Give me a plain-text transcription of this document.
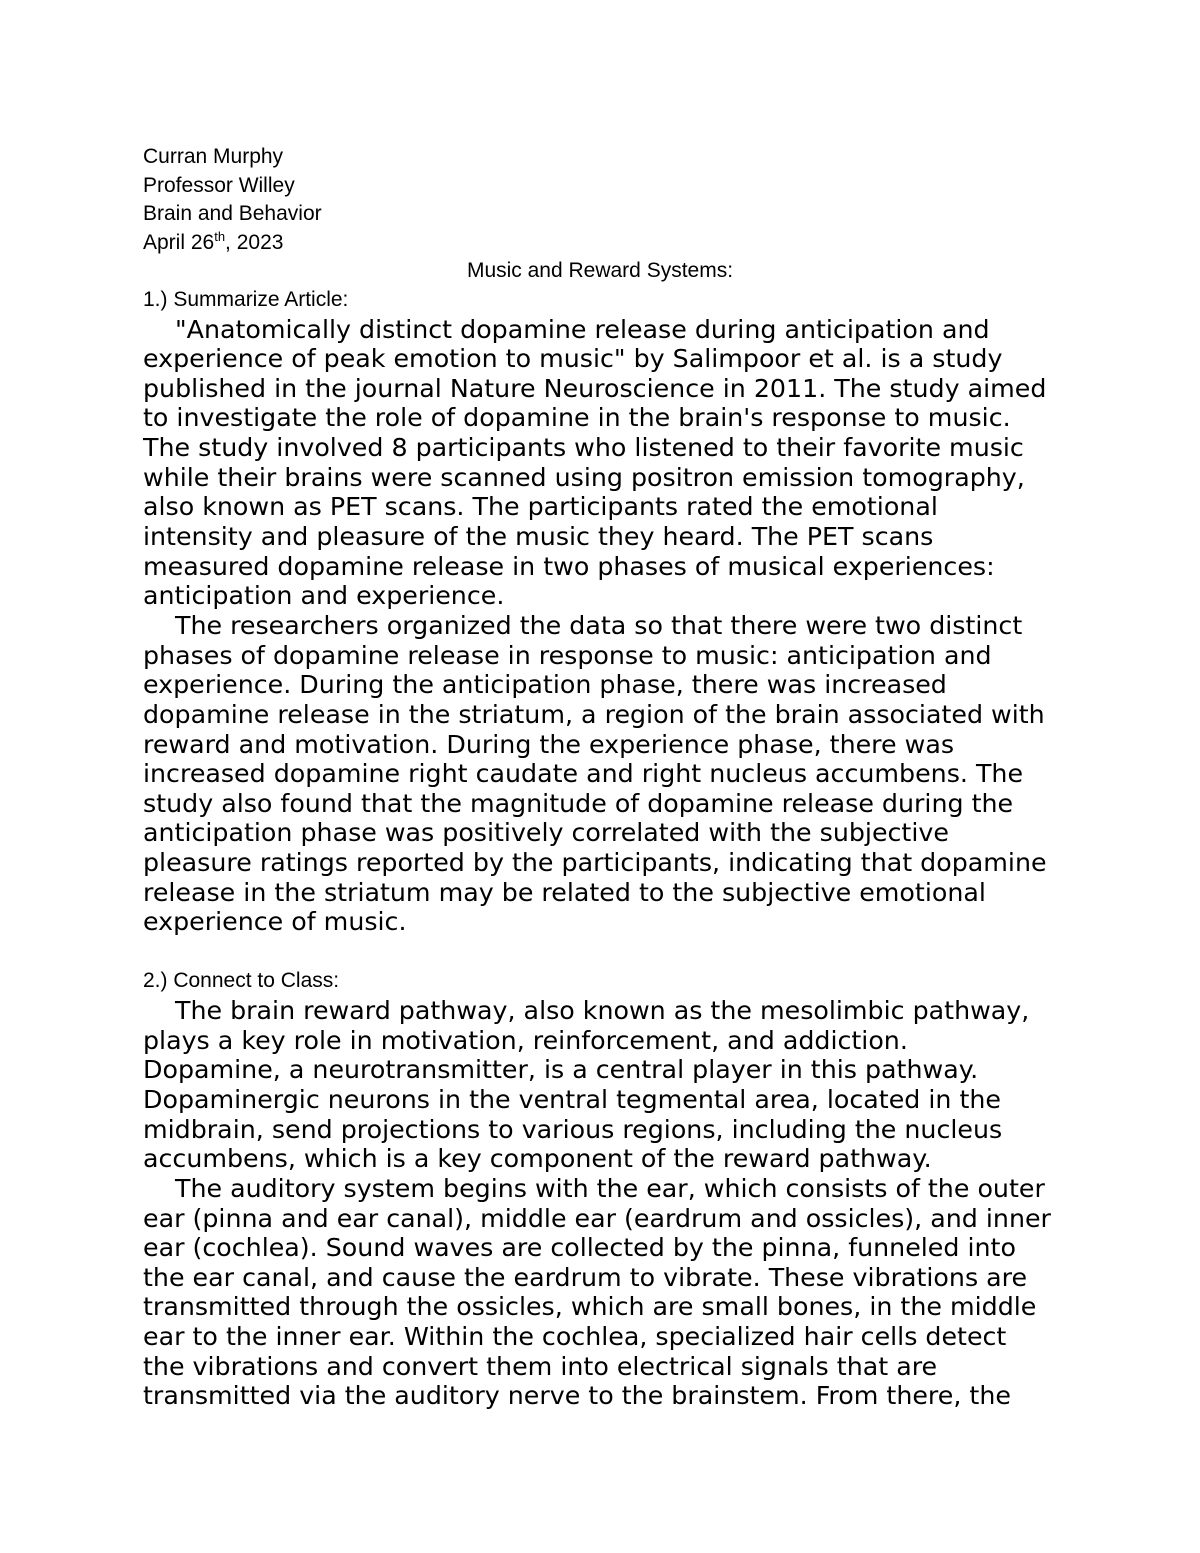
Curran Murphy
Professor Willey
Brain and Behavior
April 26th, 2023
Music and Reward Systems:
1.) Summarize Article:
"Anatomically distinct dopamine release during anticipation and
experience of peak emotion to music" by Salimpoor et al. is a study
published in the journal Nature Neuroscience in 2011. The study aimed
to investigate the role of dopamine in the brain's response to music.
The study involved 8 participants who listened to their favorite music
while their brains were scanned using positron emission tomography,
also known as PET scans. The participants rated the emotional
intensity and pleasure of the music they heard. The PET scans
measured dopamine release in two phases of musical experiences:
anticipation and experience.
The researchers organized the data so that there were two distinct
phases of dopamine release in response to music: anticipation and
experience. During the anticipation phase, there was increased
dopamine release in the striatum, a region of the brain associated with
reward and motivation. During the experience phase, there was
increased dopamine right caudate and right nucleus accumbens. The
study also found that the magnitude of dopamine release during the
anticipation phase was positively correlated with the subjective
pleasure ratings reported by the participants, indicating that dopamine
release in the striatum may be related to the subjective emotional
experience of music.
2.) Connect to Class:
The brain reward pathway, also known as the mesolimbic pathway,
plays a key role in motivation, reinforcement, and addiction.
Dopamine, a neurotransmitter, is a central player in this pathway.
Dopaminergic neurons in the ventral tegmental area, located in the
midbrain, send projections to various regions, including the nucleus
accumbens, which is a key component of the reward pathway.
The auditory system begins with the ear, which consists of the outer
ear (pinna and ear canal), middle ear (eardrum and ossicles), and inner
ear (cochlea). Sound waves are collected by the pinna, funneled into
the ear canal, and cause the eardrum to vibrate. These vibrations are
transmitted through the ossicles, which are small bones, in the middle
ear to the inner ear. Within the cochlea, specialized hair cells detect
the vibrations and convert them into electrical signals that are
transmitted via the auditory nerve to the brainstem. From there, the
